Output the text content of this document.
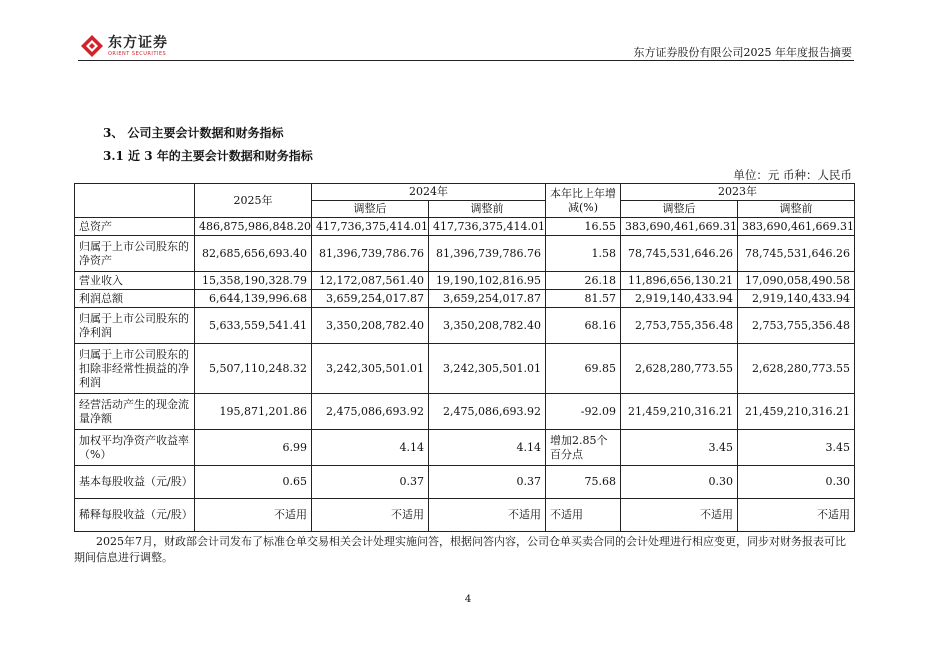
东方证券
ORIENT SECURITIES	东方证券股份有限公司2025 年年度报告摘要
3、 公司主要会计数据和财务指标
3.1 近 3 年的主要会计数据和财务指标
单位：元 币种：人民币
	2025年	2024年		本年比上年增减(%)	2023年	
		调整后	调整前		调整后	调整前
总资产	486,875,986,848.20	417,736,375,414.01	417,736,375,414.01	16.55	383,690,461,669.31	383,690,461,669.31
归属于上市公司股东的净资产	82,685,656,693.40	81,396,739,786.76	81,396,739,786.76	1.58	78,745,531,646.26	78,745,531,646.26
营业收入	15,358,190,328.79	12,172,087,561.40	19,190,102,816.95	26.18	11,896,656,130.21	17,090,058,490.58
利润总额	6,644,139,996.68	3,659,254,017.87	3,659,254,017.87	81.57	2,919,140,433.94	2,919,140,433.94
归属于上市公司股东的净利润	5,633,559,541.41	3,350,208,782.40	3,350,208,782.40	68.16	2,753,755,356.48	2,753,755,356.48
归属于上市公司股东的扣除非经常性损益的净利润	5,507,110,248.32	3,242,305,501.01	3,242,305,501.01	69.85	2,628,280,773.55	2,628,280,773.55
经营活动产生的现金流量净额	195,871,201.86	2,475,086,693.92	2,475,086,693.92	-92.09	21,459,210,316.21	21,459,210,316.21
加权平均净资产收益率（%）	6.99	4.14	4.14	增加2.85个百分点	3.45	3.45
基本每股收益（元/股）	0.65	0.37	0.37	75.68	0.30	0.30
稀释每股收益（元/股）	不适用	不适用	不适用	不适用	不适用	不适用
2025年7月，财政部会计司发布了标准仓单交易相关会计处理实施问答，根据问答内容，公司仓单买卖合同的会计处理进行相应变更，同步对财务报表可比期间信息进行调整。
4
